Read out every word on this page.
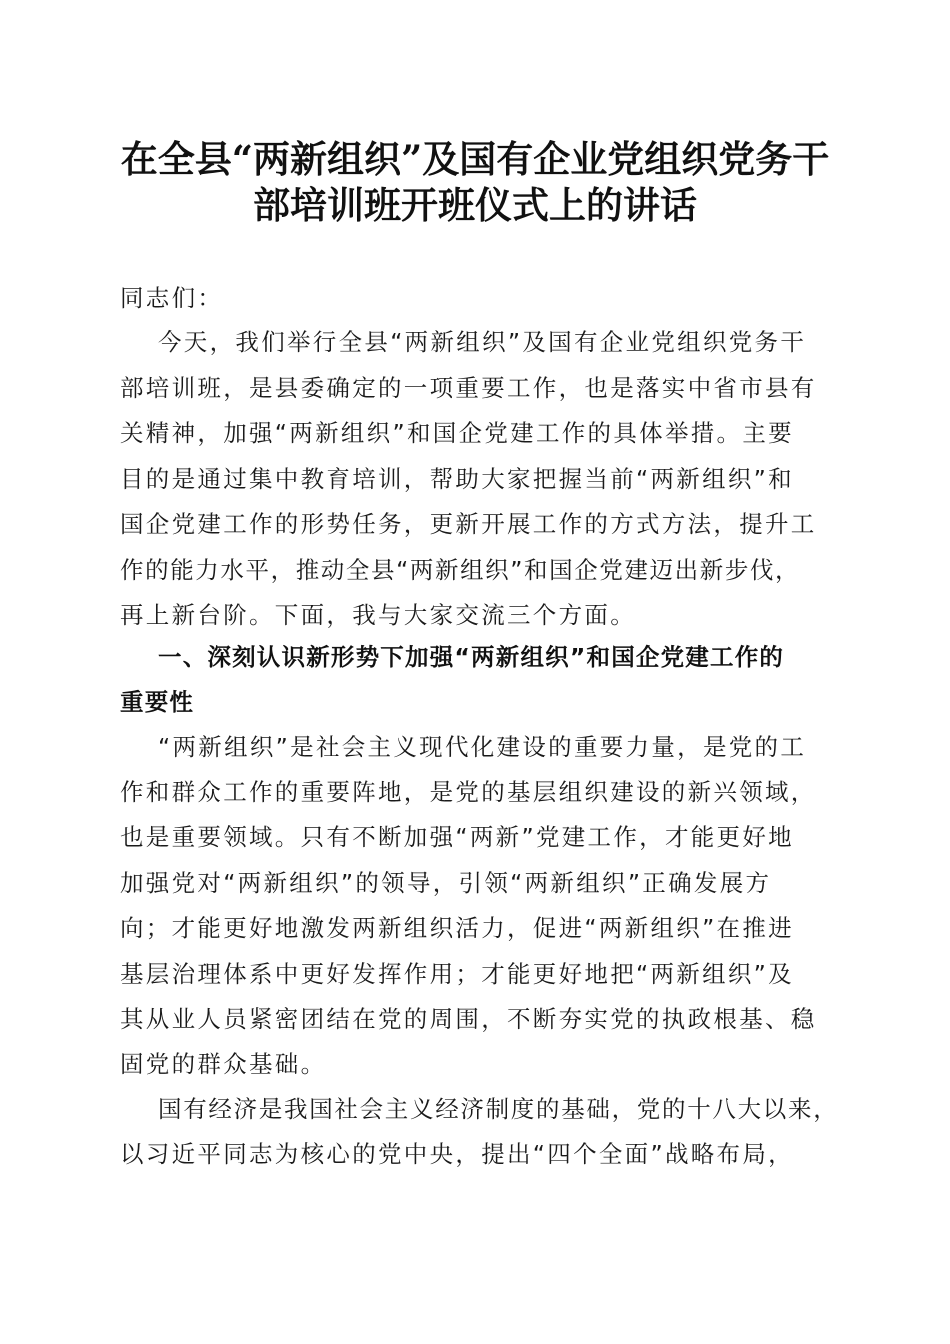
在全县“两新组织”及国有企业党组织党务干
部培训班开班仪式上的讲话
同志们：
今天，我们举行全县“两新组织”及国有企业党组织党务干
部培训班，是县委确定的一项重要工作，也是落实中省市县有
关精神，加强“两新组织”和国企党建工作的具体举措。主要
目的是通过集中教育培训，帮助大家把握当前“两新组织”和
国企党建工作的形势任务，更新开展工作的方式方法，提升工
作的能力水平，推动全县“两新组织”和国企党建迈出新步伐，
再上新台阶。下面，我与大家交流三个方面。
一、深刻认识新形势下加强“两新组织”和国企党建工作的
重要性
“两新组织”是社会主义现代化建设的重要力量，是党的工
作和群众工作的重要阵地，是党的基层组织建设的新兴领域，
也是重要领域。只有不断加强“两新”党建工作，才能更好地
加强党对“两新组织”的领导，引领“两新组织”正确发展方
向；才能更好地激发两新组织活力，促进“两新组织”在推进
基层治理体系中更好发挥作用；才能更好地把“两新组织”及
其从业人员紧密团结在党的周围，不断夯实党的执政根基、稳
固党的群众基础。
国有经济是我国社会主义经济制度的基础，党的十八大以来，
以习近平同志为核心的党中央，提出“四个全面”战略布局，
